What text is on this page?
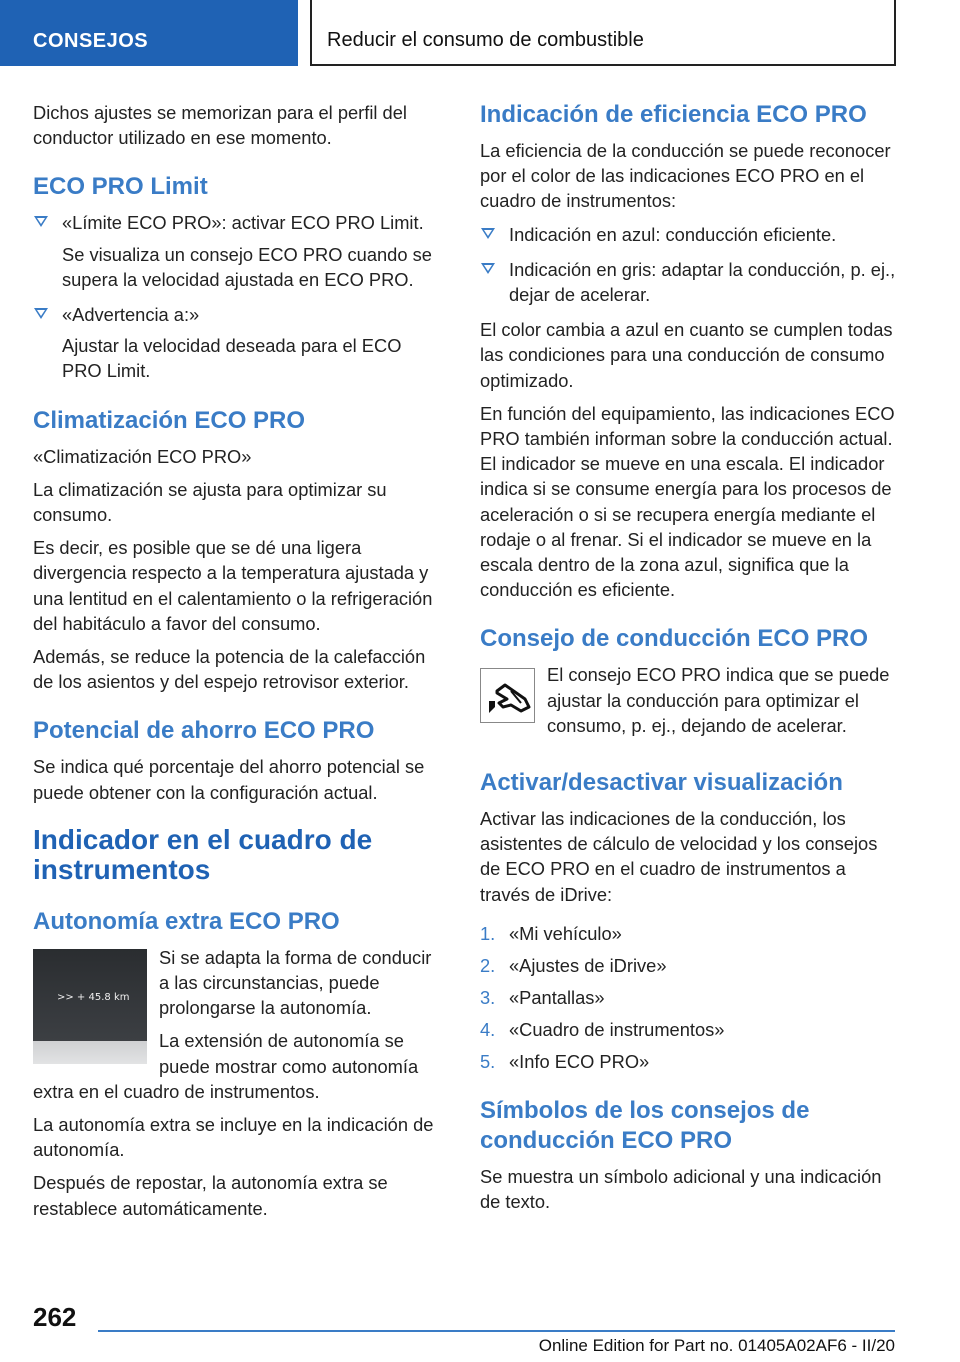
CONSEJOS	Reducir el consumo de combustible

Dichos ajustes se memorizan para el perfil del conductor utilizado en ese momento.

ECO PRO Limit

«Límite ECO PRO»: activar ECO PRO Limit.

Se visualiza un consejo ECO PRO cuando se supera la velocidad ajustada en ECO PRO.

«Advertencia a:»

Ajustar la velocidad deseada para el ECO PRO Limit.

Climatización ECO PRO

«Climatización ECO PRO»

La climatización se ajusta para optimizar su consumo.

Es decir, es posible que se dé una ligera divergencia respecto a la temperatura ajustada y una lentitud en el calentamiento o la refrigeración del habitáculo a favor del consumo.

Además, se reduce la potencia de la calefacción de los asientos y del espejo retrovisor exterior.

Potencial de ahorro ECO PRO

Se indica qué porcentaje del ahorro potencial se puede obtener con la configuración actual.

Indicador en el cuadro de instrumentos
Autonomía extra ECO PRO
>> + 45.8 km

Si se adapta la forma de conducir a las circunstancias, puede prolongarse la autonomía.

La extensión de autonomía se puede mostrar como autonomía extra en el cuadro de instrumentos.

La autonomía extra se incluye en la indicación de autonomía.

Después de repostar, la autonomía extra se restablece automáticamente.

Indicación de eficiencia ECO PRO

La eficiencia de la conducción se puede reconocer por el color de las indicaciones ECO PRO en el cuadro de instrumentos:

Indicación en azul: conducción eficiente.

Indicación en gris: adaptar la conducción, p. ej., dejar de acelerar.

El color cambia a azul en cuanto se cumplen todas las condiciones para una conducción de consumo optimizado.

En función del equipamiento, las indicaciones ECO PRO también informan sobre la conducción actual. El indicador se mueve en una escala. El indicador indica si se consume energía para los procesos de aceleración o si se recupera energía mediante el rodaje o al frenar. Si el indicador se mueve en la escala dentro de la zona azul, significa que la conducción es eficiente.

Consejo de conducción ECO PRO

El consejo ECO PRO indica que se puede ajustar la conducción para optimizar el consumo, p. ej., dejando de acelerar.

Activar/desactivar visualización

Activar las indicaciones de la conducción, los asistentes de cálculo de velocidad y los consejos de ECO PRO en el cuadro de instrumentos a través de iDrive:

1. «Mi vehículo»
2. «Ajustes de iDrive»
3. «Pantallas»
4. «Cuadro de instrumentos»
5. «Info ECO PRO»
Símbolos de los consejos de conducción ECO PRO

Se muestra un símbolo adicional y una indicación de texto.

262
Online Edition for Part no. 01405A02AF6 - II/20
